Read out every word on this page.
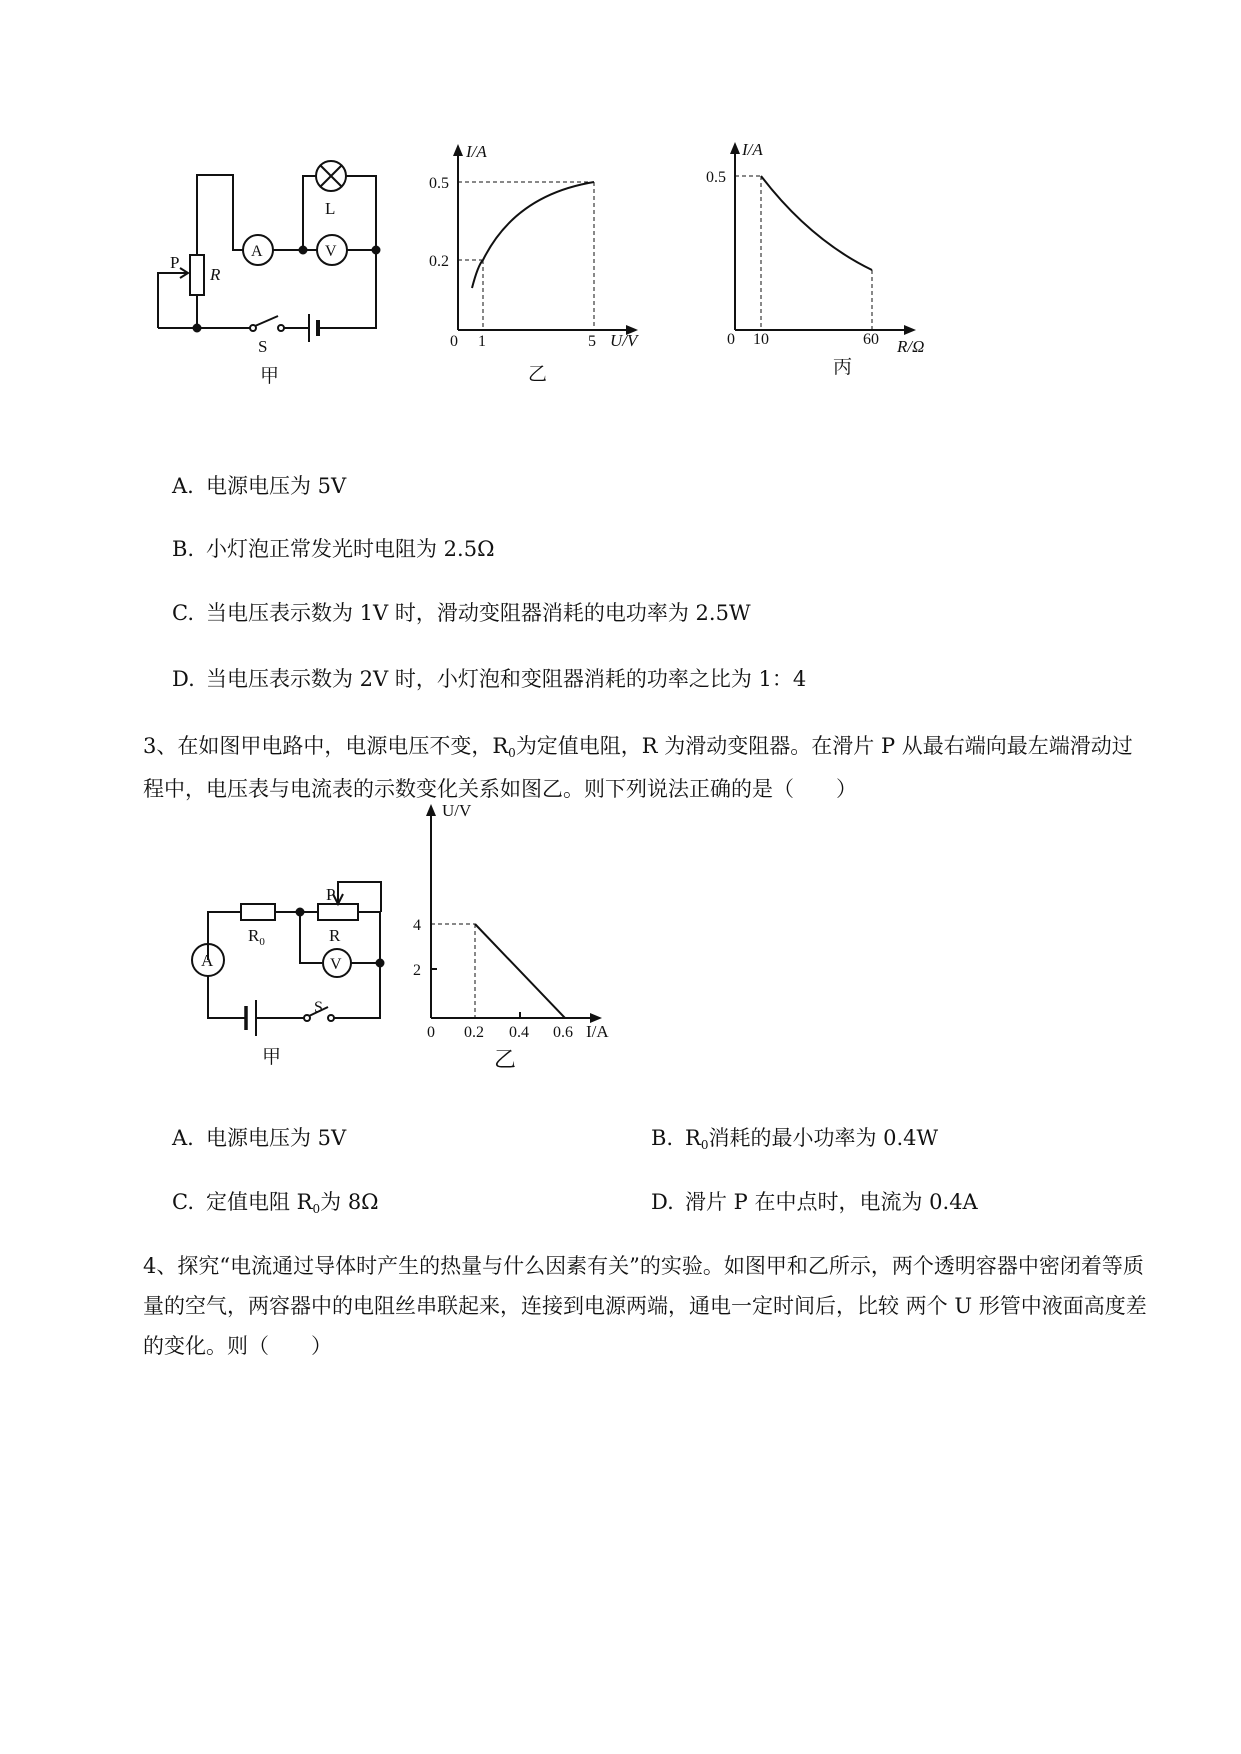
A	V
L
P
R
S
甲
I/A
0.5
0.2
0 1	5 U/V
乙
I/A
0.5
0 10	60 R/Ω
丙
A. 电源电压为 5V
B. 小灯泡正常发光时电阻为 2.5Ω
C. 当电压表示数为 1V 时，滑动变阻器消耗的电功率为 2.5W
D. 当电压表示数为 2V 时，小灯泡和变阻器消耗的功率之比为 1：4
3、在如图甲电路中，电源电压不变，R0为定值电阻，R 为滑动变阻器。在滑片 P 从最右端向最左端滑动过程中，电压表与电流表的示数变化关系如图乙。则下列说法正确的是（　　）
A	V
$R_0$	R
P
S
甲
U/V
4
2
0 0.2 0.4 0.6 I/A
乙
A. 电源电压为 5V	B. R0消耗的最小功率为 0.4W
C. 定值电阻 R0为 8Ω	D. 滑片 P 在中点时，电流为 0.4A
4、探究“电流通过导体时产生的热量与什么因素有关”的实验。如图甲和乙所示，两个透明容器中密闭着等质量的空气，两容器中的电阻丝串联起来，连接到电源两端，通电一定时间后，比较 两个 U 形管中液面高度差的变化。则（　　）
